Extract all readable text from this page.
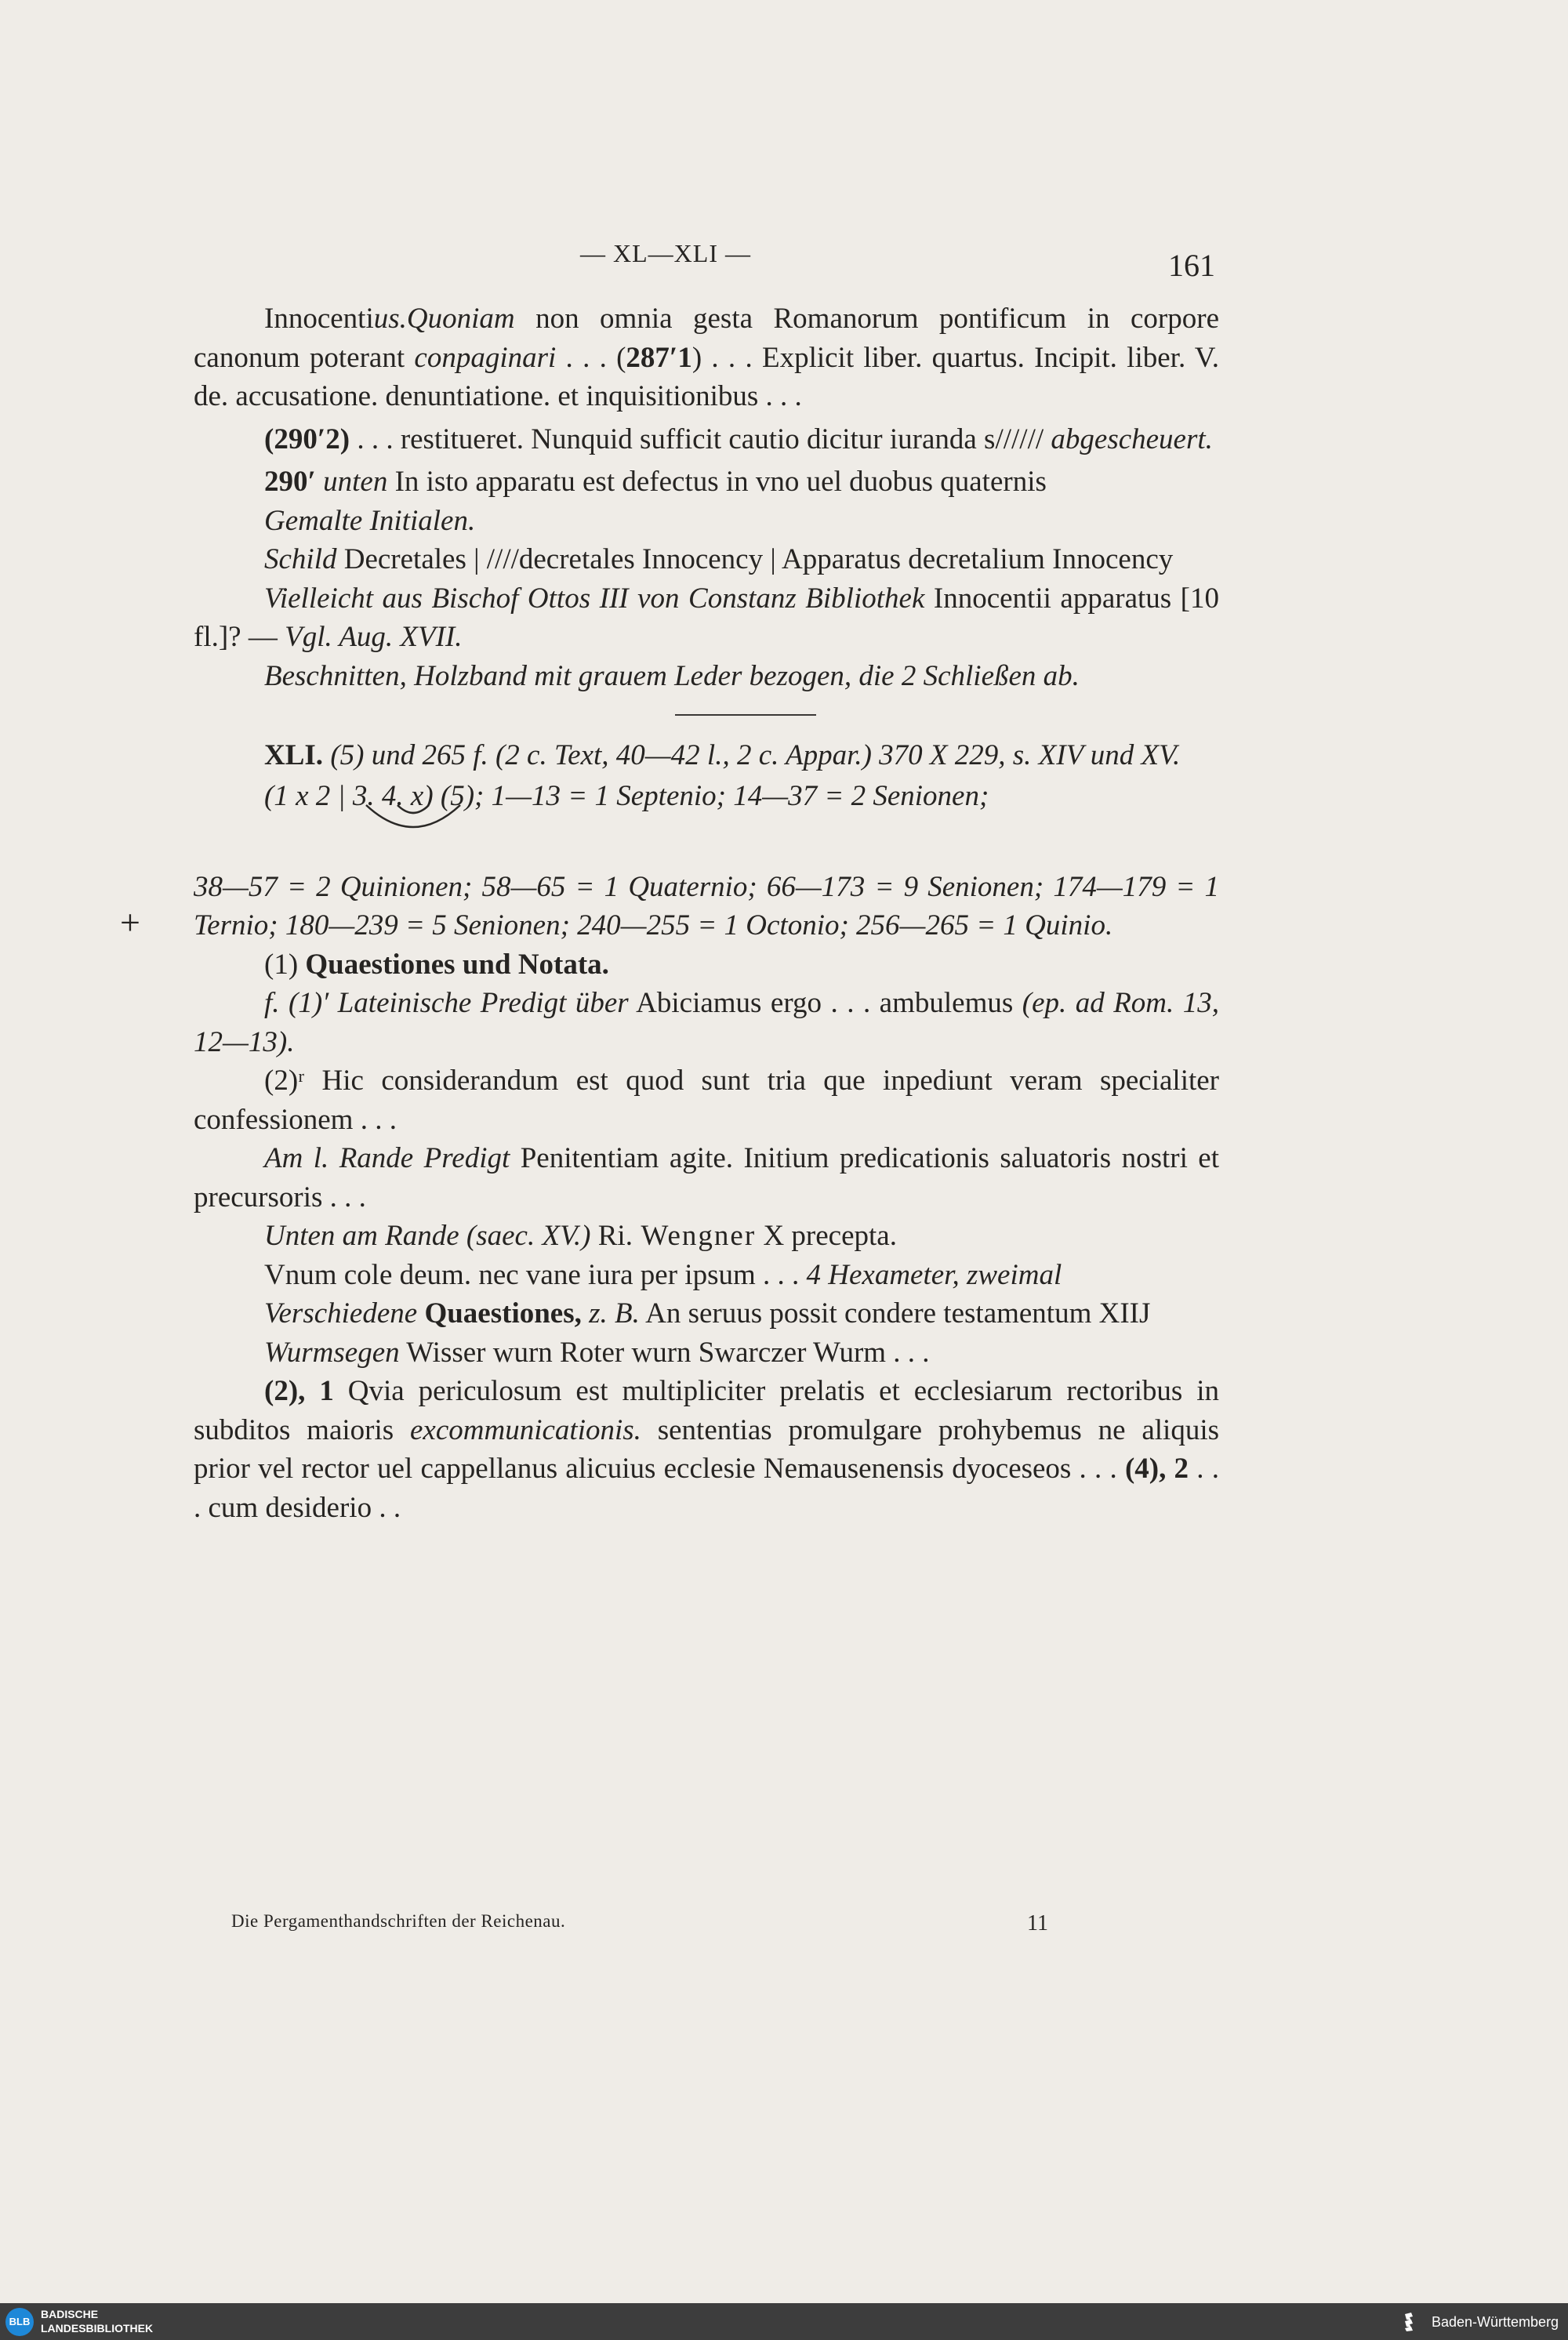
— XL—XLI —	161
+

Innocentius.Quoniam non omnia gesta Romanorum pontificum in corpore canonum poterant conpaginari . . . (287′1) . . . Explicit liber. quartus. Incipit. liber. V. de. accusatione. denuntiatione. et inquisitionibus . . .

(290′2) . . . restitueret. Nunquid sufficit cautio dicitur iuranda s////// abgescheuert.

290′ unten In isto apparatu est defectus in vno uel duobus quaternis

Gemalte Initialen.

Schild Decretales | ////decretales Innocency | Apparatus decretalium Innocency

Vielleicht aus Bischof Ottos III von Constanz Bibliothek Innocentii apparatus [10 fl.]? — Vgl. Aug. XVII.

Beschnitten, Holzband mit grauem Leder bezogen, die 2 Schließen ab.

XLI. (5) und 265 f. (2 c. Text, 40—42 l., 2 c. Appar.) 370 X 229, s. XIV und XV.

(1 x 2 | 3. 4. x) (5); 1—13 = 1 Septenio; 14—37 = 2 Senionen;

38—57 = 2 Quinionen; 58—65 = 1 Quaternio; 66—173 = 9 Senionen; 174—179 = 1 Ternio; 180—239 = 5 Senionen; 240—255 = 1 Octonio; 256—265 = 1 Quinio.

(1) Quaestiones und Notata.

f. (1)′ Lateinische Predigt über Abiciamus ergo . . . ambulemus (ep. ad Rom. 13, 12—13).

(2)ʳ Hic considerandum est quod sunt tria que inpediunt veram specialiter confessionem . . .

Am l. Rande Predigt Penitentiam agite. Initium predicationis saluatoris nostri et precursoris . . .

Unten am Rande (saec. XV.) Ri. Wengner X precepta.

Vnum cole deum. nec vane iura per ipsum . . . 4 Hexameter, zweimal

Verschiedene Quaestiones, z. B. An seruus possit condere testamentum XIIJ

Wurmsegen Wisser wurn Roter wurn Swarczer Wurm . . .

(2), 1 Qvia periculosum est multipliciter prelatis et ecclesiarum rectoribus in subditos maioris excommunicationis. sententias promulgare prohybemus ne aliquis prior vel rector uel cappellanus alicuius ecclesie Nemausenensis dyoceseos . . . (4), 2 . . . cum desiderio . .

Die Pergamenthandschriften der Reichenau.	11
BLB
BADISCHE
LANDESBIBLIOTHEK	Baden-Württemberg
